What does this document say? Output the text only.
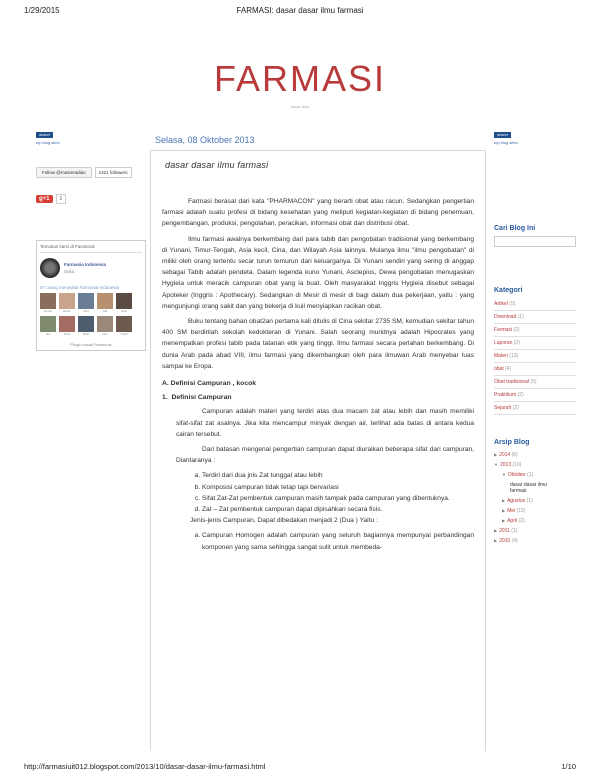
1/29/2015	FARMASI: dasar dasar ilmu farmasi
FARMASI
dasar ilmu
obsrvr
top blog sites
Follow @masteradian	1321 followers
g+1	1
Temukan kami di Facebook
Farmasia Indonesia
Suka
87 orang menyukai Farmasia Indonesia
Teguh	Retno	Dwi	Siti	Andi
Ika	Rina	Budi	Nur	Yusuf
Plugin sosial Facebook
Selasa, 08 Oktober 2013
dasar dasar ilmu farmasi

Farmasi berasal dari kata "PHARMACON" yang berarti obat atau racun. Sedangkan pengertian farmasi adalah suatu profesi di bidang kesehatan yang meliputi kegiatan-kegiatan di bidang penemuan, pengembangan, produksi, pengolahan, peracikan, informasi obat dan distribusi obat.

Ilmu farmasi awalnya berkembang dari para tabib dan pengobatan tradisional yang berkembang di Yunani, Timur-Tengah, Asia kecil, Cina, dan Wilayah Asia lainnya. Mulanya ilmu "ilmu pengobatan" di miliki oleh orang tertentu secar turun temurun dari keluarganya. Di Yunani sendiri yang sering di anggap sebagai Tabib adalah pendeta. Dalam legenda kuno Yunani, Asclepius, Dewa pengobatan menugaskan Hygieia untuk meracik campuran obat yang ia buat. Oleh masyarakat Inggris Hygieia disebut sebagai Apoteker (Inggris : Apothecary). Sedangkan di Mesir di mesir di bagi dalam dua pekerjaan, yaitu : yang mengunjungi orang sakit dan yang bekerja di kuil menyiapkan racikan obat.

Buku tentang bahan obat2an pertama kali ditulis di Cina sekitar 2735 SM, kemudian sekitar tahun 400 SM berdirilah sekolah kedokteran di Yunani. Salah seorang muridnya adalah Hipocrates yang menempatkan profesi tabib pada tatanan etik yang tinggi. Ilmu farmasi secara perlahan berkembang. Di dunia Arab pada abad VIII, ilmu farmasi yang dikembangkan oleh para ilmuwan Arab menyebar luas sampai ke Eropa.

A. Definisi Campuran , kocok
1. Definisi Campuran

Campuran adalah materi yang terdiri atas dua macam zat atau lebih dan masih memiliki sifat-sifat zat asalnya. Jika kita mencampur minyak dengan air, terlihat ada batas di antara kedua cairan tersebut.

Dari batasan mengenai pengertian campuran dapat diuraikan beberapa sifat dari campuran, Diantaranya :

a. Terdiri dari dua jnis Zat tunggal atau lebih
b. Komposisi campuran tidak tetap tapi bervariasi
c. Sifat Zat-Zat pembentuk campuran masih tampak pada campuran yang dibentuknya.
d. Zat – Zat pembentuk campuran dapat dipisahkan secara fisis.

Jenis-jenis Campuran, Dapat dibedakan menjadi 2 (Dua ) Yaitu :

a. Campuran Homogen adalah campuran yang seluruh bagiannya mempunyai perbandingan komponen yang sama sehingga sangat sulit untuk membeda-
obsrvr
top blog sites
Cari Blog Ini
Kategori
Artikel (5)
Download (1)
Farmasi (2)
Laporan (2)
Materi (13)
obat (4)
Obat tradisional (5)
Praktikum (2)
Sejarah (2)
Arsip Blog
▶ 2014 (6)
▼ 2013 (19)
▼ Oktober (1)
dasar dasar ilmu farmasi
▶ Agustus (1)
▶ Mei (15)
▶ April (2)
▶ 2011 (1)
▶ 2010 (4)
http://farmasiuit012.blogspot.com/2013/10/dasar-dasar-ilmu-farmasi.html	1/10
